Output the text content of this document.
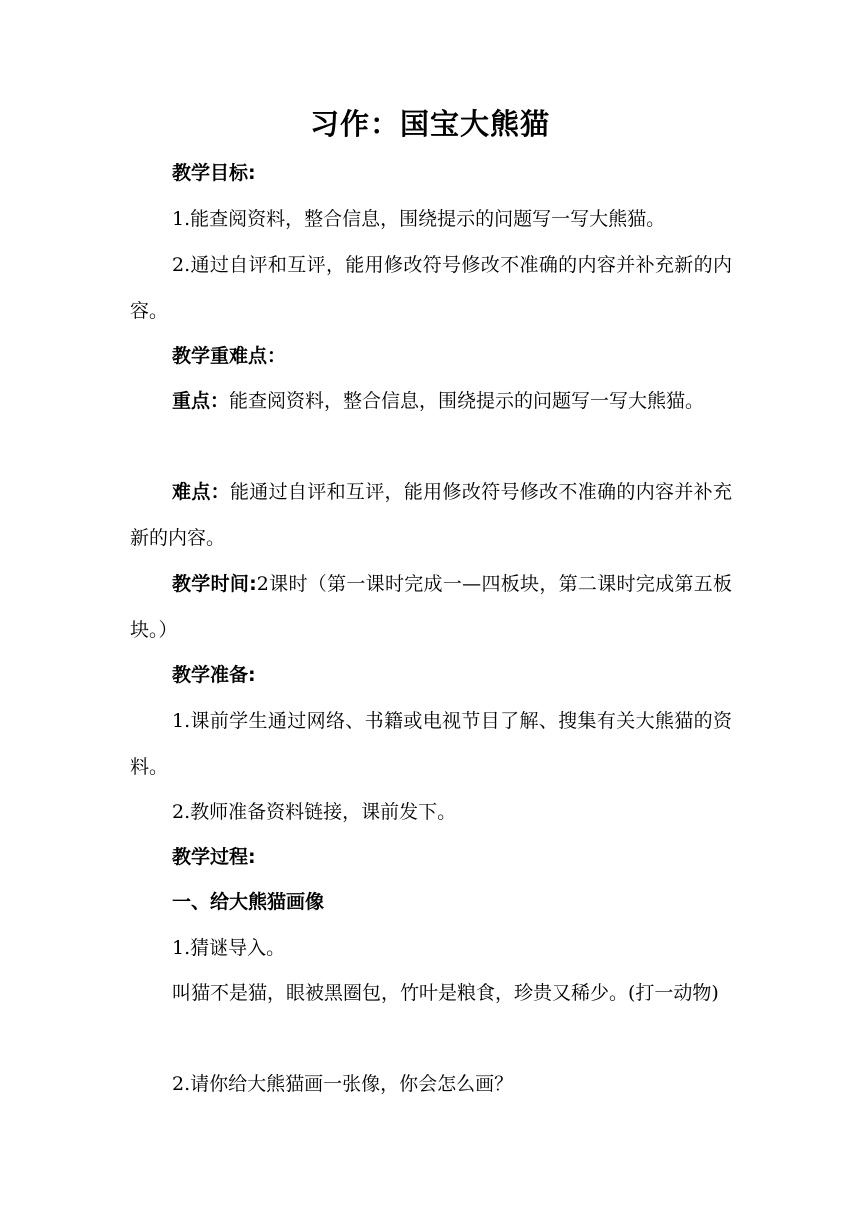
习作：国宝大熊猫
教学目标:
1.能查阅资料，整合信息，围绕提示的问题写一写大熊猫。
2.通过自评和互评，能用修改符号修改不准确的内容并补充新的内容。
教学重难点：
重点：能查阅资料，整合信息，围绕提示的问题写一写大熊猫。
难点：能通过自评和互评，能用修改符号修改不准确的内容并补充新的内容。
教学时间:2课时（第一课时完成一—四板块，第二课时完成第五板块。）
教学准备:
1.课前学生通过网络、书籍或电视节目了解、搜集有关大熊猫的资料。
2.教师准备资料链接，课前发下。
教学过程:
一、给大熊猫画像
1.猜谜导入。
叫猫不是猫，眼被黑圈包，竹叶是粮食，珍贵又稀少。(打一动物)
2.请你给大熊猫画一张像，你会怎么画？
